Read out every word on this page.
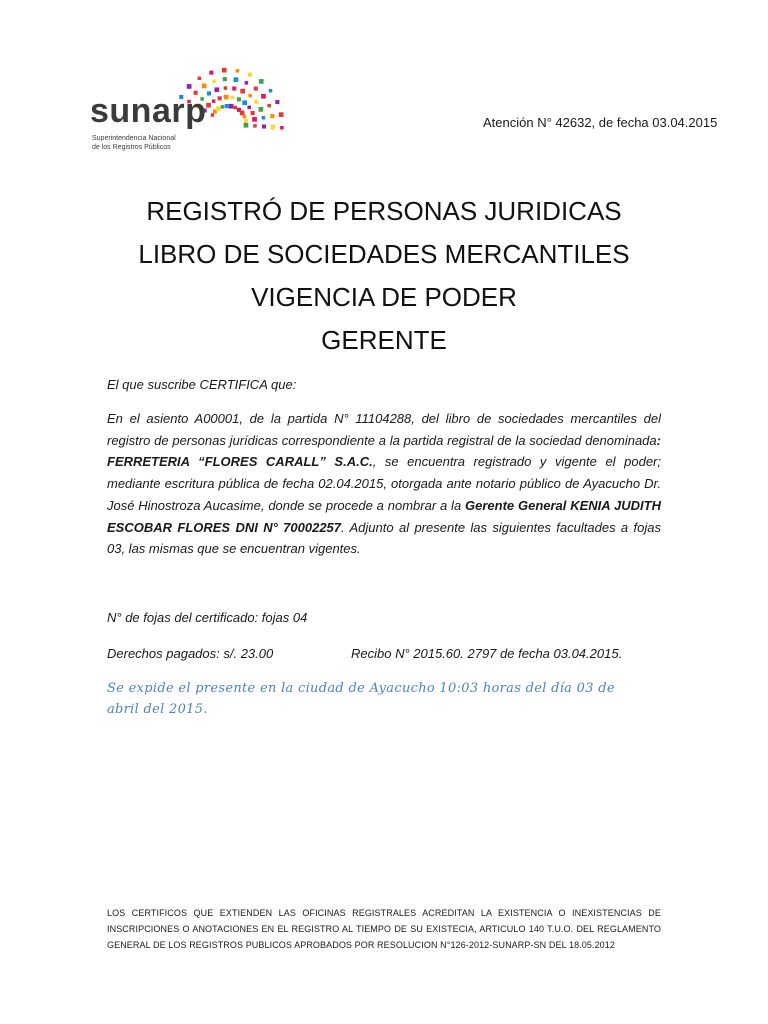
sunarp
Superintendencia Nacional
de los Registros Públicos
Atención N° 42632, de fecha 03.04.2015
REGISTRÓ DE PERSONAS JURIDICAS
LIBRO DE SOCIEDADES MERCANTILES
VIGENCIA DE PODER
GERENTE
El que suscribe CERTIFICA que:
En el asiento A00001, de la partida N° 11104288, del libro de sociedades mercantiles del registro de personas jurídicas correspondiente a la partida registral de la sociedad denominada: FERRETERIA “FLORES CARALL” S.A.C., se encuentra registrado y vigente el poder; mediante escritura pública de fecha 02.04.2015, otorgada ante notario público de Ayacucho Dr. José Hinostroza Aucasime, donde se procede a nombrar a la Gerente General KENIA JUDITH ESCOBAR FLORES DNI N° 70002257. Adjunto al presente las siguientes facultades a fojas 03, las mismas que se encuentran vigentes.
N° de fojas del certificado: fojas 04
Derechos pagados: s/. 23.00	Recibo N° 2015.60. 2797 de fecha 03.04.2015.
Se expide el presente en la ciudad de Ayacucho 10:03 horas del día 03 de abril del 2015.
LOS CERTIFICOS QUE EXTIENDEN LAS OFICINAS REGISTRALES ACREDITAN LA EXISTENCIA O INEXISTENCIAS DE INSCRIPCIONES O ANOTACIONES EN EL REGISTRO AL TIEMPO DE SU EXISTECIA, ARTICULO 140 T.U.O. DEL REGLAMENTO GENERAL DE LOS REGISTROS PUBLICOS APROBADOS POR RESOLUCION N°126-2012-SUNARP-SN DEL 18.05.2012
